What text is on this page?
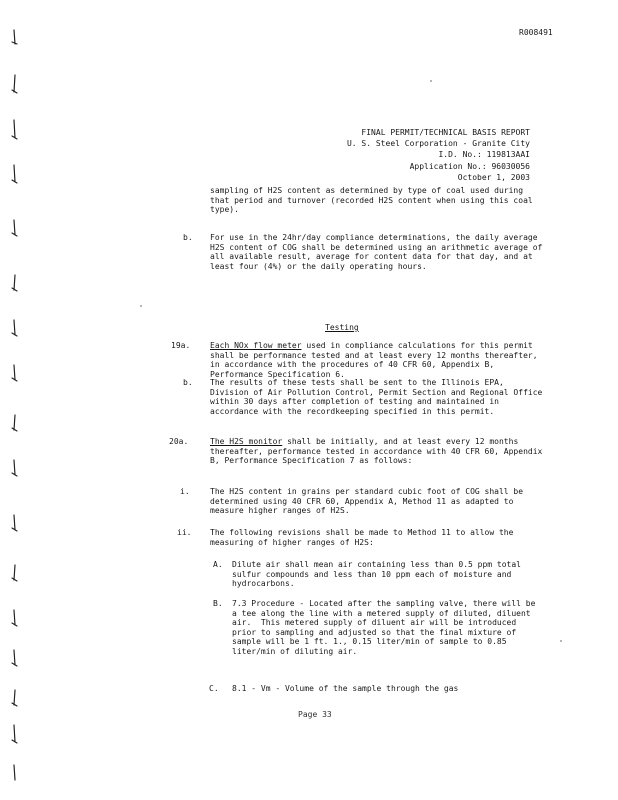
R008491
FINAL PERMIT/TECHNICAL BASIS REPORT
U. S. Steel Corporation - Granite City
I.D. No.: 119813AAI
Application No.: 96030056
October 1, 2003
sampling of H2S content as determined by type of coal used during that period and turnover (recorded H2S content when using this coal type).
b. For use in the 24hr/day compliance determinations, the daily average H2S content of COG shall be determined using an arithmetic average of all available result, average for content data for that day, and at least four (4%) or the daily operating hours.
Testing
19a. Each NOx flow meter used in compliance calculations for this permit shall be performance tested and at least every 12 months thereafter, in accordance with the procedures of 40 CFR 60, Appendix B, Performance Specification 6.
b. The results of these tests shall be sent to the Illinois EPA, Division of Air Pollution Control, Permit Section and Regional Office within 30 days after completion of testing and maintained in accordance with the recordkeeping specified in this permit.
20a.	The H2S monitor shall be initially, and at least every 12 months thereafter, performance tested in accordance with 40 CFR 60, Appendix B, Performance Specification 7 as follows:
i.	The H2S content in grains per standard cubic foot of COG shall be determined using 40 CFR 60, Appendix A, Method 11 as adapted to measure higher ranges of H2S.
ii. The following revisions shall be made to Method 11 to allow the measuring of higher ranges of H2S:
A. Dilute air shall mean air containing less than 0.5 ppm total sulfur compounds and less than 10 ppm each of moisture and hydrocarbons.
B. 7.3 Procedure - Located after the sampling valve, there will be a tee along the line with a metered supply of diluted, diluent air.  This metered supply of diluent air will be introduced prior to sampling and adjusted so that the final mixture of sample will be 1 ft. 1., 0.15 liter/min of sample to 0.85 liter/min of diluting air.
C. 8.1 - Vm - Volume of the sample through the gas
Page 33
